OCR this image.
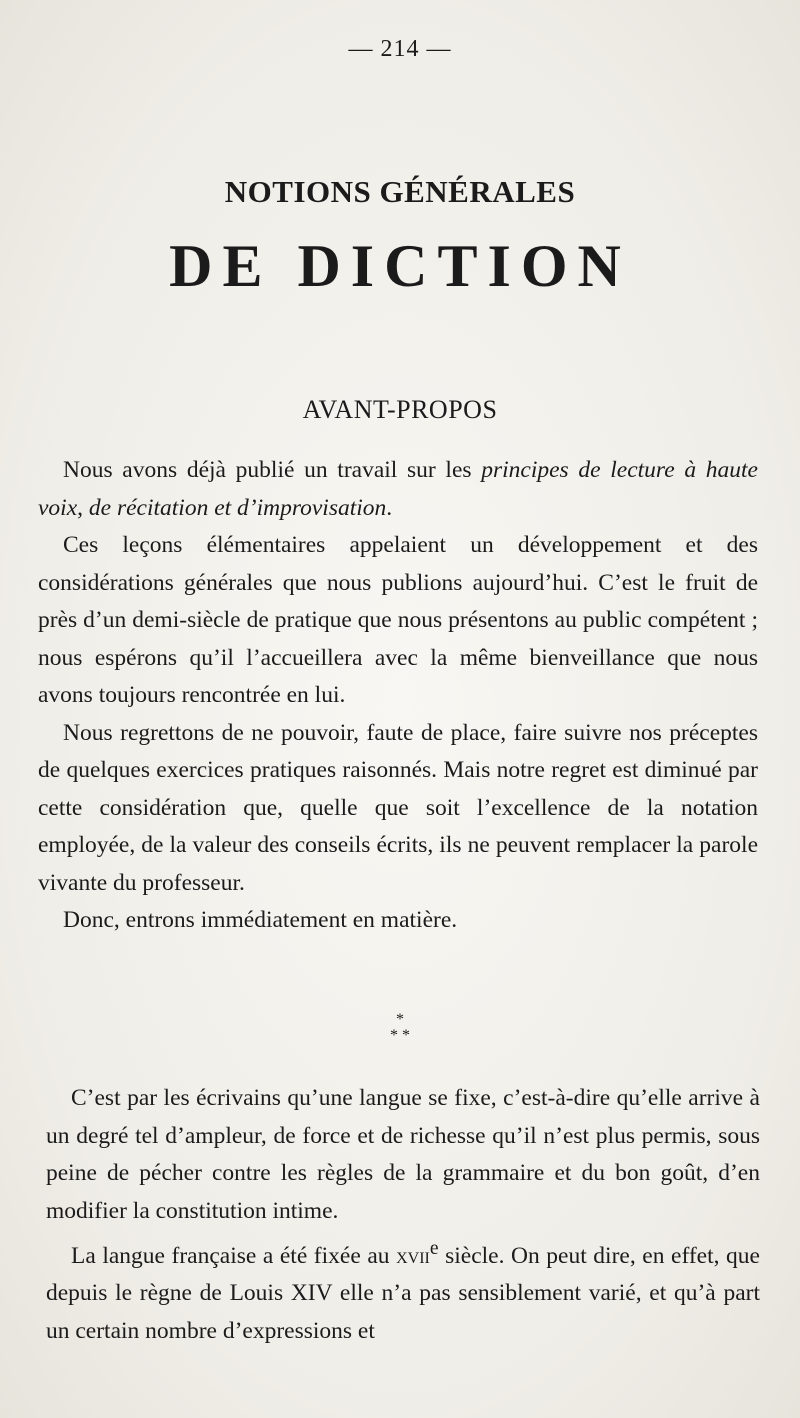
— 214 —
NOTIONS GÉNÉRALES
DE DICTION
AVANT-PROPOS

Nous avons déjà publié un travail sur les principes de lecture à haute voix, de récitation et d’improvisation.

Ces leçons élémentaires appelaient un développement et des considérations générales que nous publions aujourd’hui. C’est le fruit de près d’un demi-siècle de pratique que nous présentons au public compétent ; nous espérons qu’il l’accueillera avec la même bienveillance que nous avons toujours rencontrée en lui.

Nous regrettons de ne pouvoir, faute de place, faire suivre nos préceptes de quelques exercices pratiques raisonnés. Mais notre regret est diminué par cette considération que, quelle que soit l’excellence de la notation employée, de la valeur des conseils écrits, ils ne peuvent remplacer la parole vivante du professeur.

Donc, entrons immédiatement en matière.

*
* *

C’est par les écrivains qu’une langue se fixe, c’est-à-dire qu’elle arrive à un degré tel d’ampleur, de force et de richesse qu’il n’est plus permis, sous peine de pécher contre les règles de la grammaire et du bon goût, d’en modifier la constitution intime.

La langue française a été fixée au xvii$^e$ siècle. On peut dire, en effet, que depuis le règne de Louis XIV elle n’a pas sensiblement varié, et qu’à part un certain nombre d’expressions et
